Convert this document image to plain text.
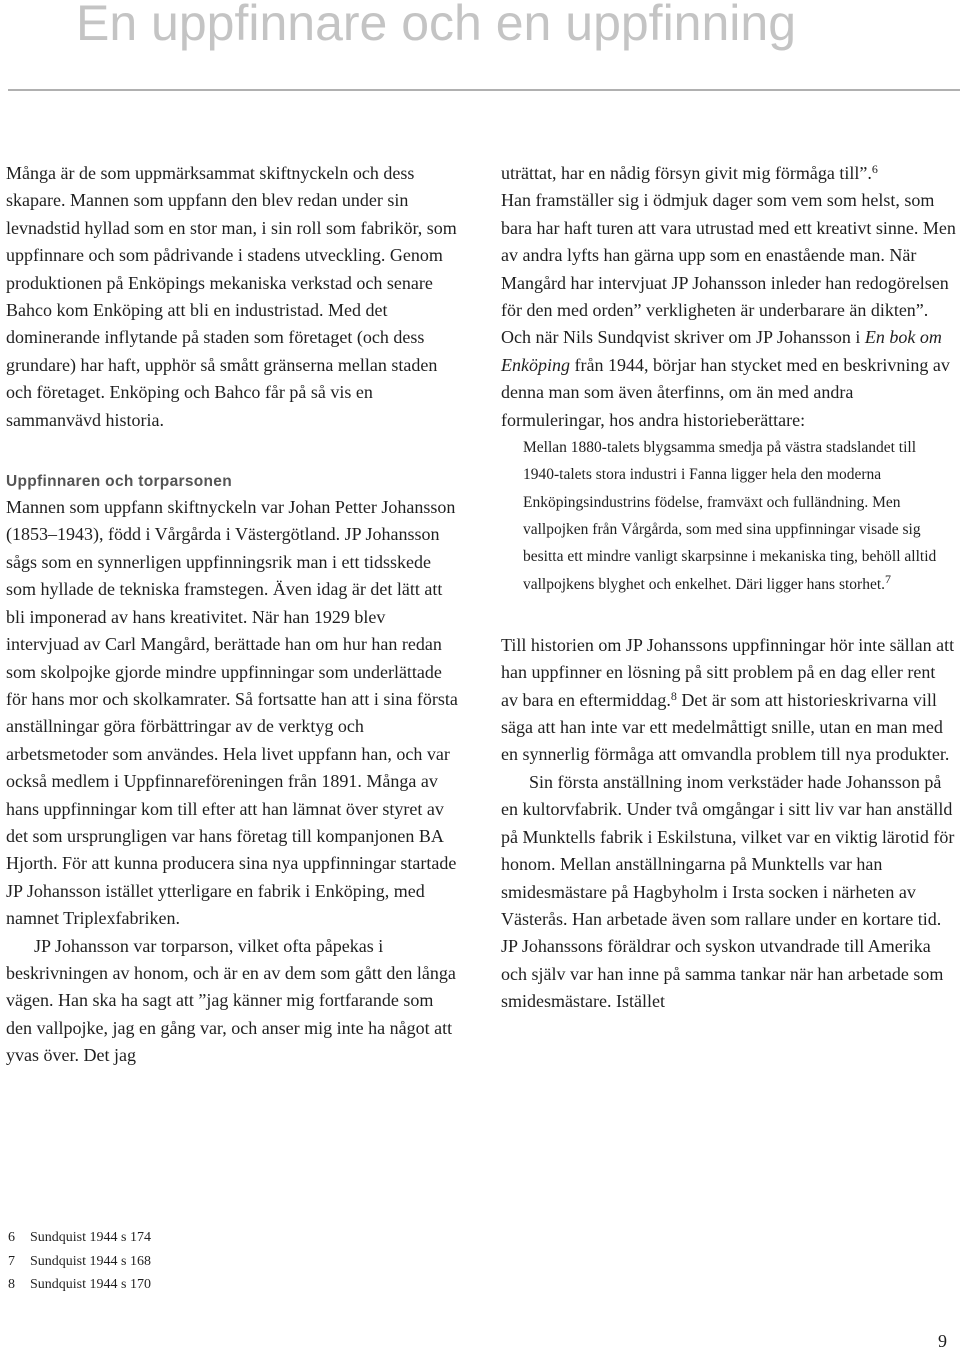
En uppfinnare och en uppfinning

Många är de som uppmärksammat skiftnyckeln och dess skapare. Mannen som uppfann den blev redan under sin levnadstid hyllad som en stor man, i sin roll som fabrikör, som uppfinnare och som pådrivande i stadens utveckling. Genom produktionen på Enköpings mekaniska verkstad och senare Bahco kom Enköping att bli en industristad. Med det dominerande inflytande på staden som företaget (och dess grundare) har haft, upphör så smått gränserna mellan staden och företaget. Enköping och Bahco får på så vis en sammanvävd historia.

Uppfinnaren och torparsonen

Mannen som uppfann skiftnyckeln var Johan Petter Johansson (1853–1943), född i Vårgårda i Västergötland. JP Johansson sågs som en synnerligen uppfinningsrik man i ett tidsskede som hyllade de tekniska framstegen. Även idag är det lätt att bli imponerad av hans kreativitet. När han 1929 blev intervjuad av Carl Mangård, berättade han om hur han redan som skolpojke gjorde mindre uppfinningar som underlättade för hans mor och skolkamrater. Så fortsatte han att i sina första anställningar göra förbättringar av de verktyg och arbetsmetoder som användes. Hela livet uppfann han, och var också medlem i Uppfinnareföreningen från 1891. Många av hans uppfinningar kom till efter att han lämnat över styret av det som ursprungligen var hans företag till kompanjonen BA Hjorth. För att kunna producera sina nya uppfinningar startade JP Johansson istället ytterligare en fabrik i Enköping, med namnet Triplexfabriken.

JP Johansson var torparson, vilket ofta påpekas i beskrivningen av honom, och är en av dem som gått den långa vägen. Han ska ha sagt att ”jag känner mig fortfarande som den vallpojke, jag en gång var, och anser mig inte ha något att yvas över. Det jag

uträttat, har en nådig försyn givit mig förmåga till”.$^6$

Han framställer sig i ödmjuk dager som vem som helst, som bara har haft turen att vara utrustad med ett kreativt sinne. Men av andra lyfts han gärna upp som en enastående man. När Mangård har intervjuat JP Johansson inleder han redogörelsen för den med orden” verkligheten är underbarare än dikten”.

Och när Nils Sundqvist skriver om JP Johansson i En bok om Enköping från 1944, börjar han stycket med en beskrivning av denna man som även återfinns, om än med andra formuleringar, hos andra historieberättare:

Mellan 1880-talets blygsamma smedja på västra stadslandet till 1940-talets stora industri i Fanna ligger hela den moderna Enköpingsindustrins födelse, framväxt och fulländning. Men vallpojken från Vårgårda, som med sina uppfinningar visade sig besitta ett mindre vanligt skarpsinne i mekaniska ting, behöll alltid vallpojkens blyghet och enkelhet. Däri ligger hans storhet.$^7$

Till historien om JP Johanssons uppfinningar hör inte sällan att han uppfinner en lösning på sitt problem på en dag eller rent av bara en eftermiddag.$^8$ Det är som att historieskrivarna vill säga att han inte var ett medelmåttigt snille, utan en man med en synnerlig förmåga att omvandla problem till nya produkter.

Sin första anställning inom verkstäder hade Johansson på en kultorvfabrik. Under två omgångar i sitt liv var han anställd på Munktells fabrik i Eskilstuna, vilket var en viktig lärotid för honom. Mellan anställningarna på Munktells var han smidesmästare på Hagbyholm i Irsta socken i närheten av Västerås. Han arbetade även som rallare under en kortare tid. JP Johanssons föräldrar och syskon utvandrade till Amerika och själv var han inne på samma tankar när han arbetade som smidesmästare. Istället

6 Sundquist 1944 s 174
7 Sundquist 1944 s 168
8 Sundquist 1944 s 170
9
